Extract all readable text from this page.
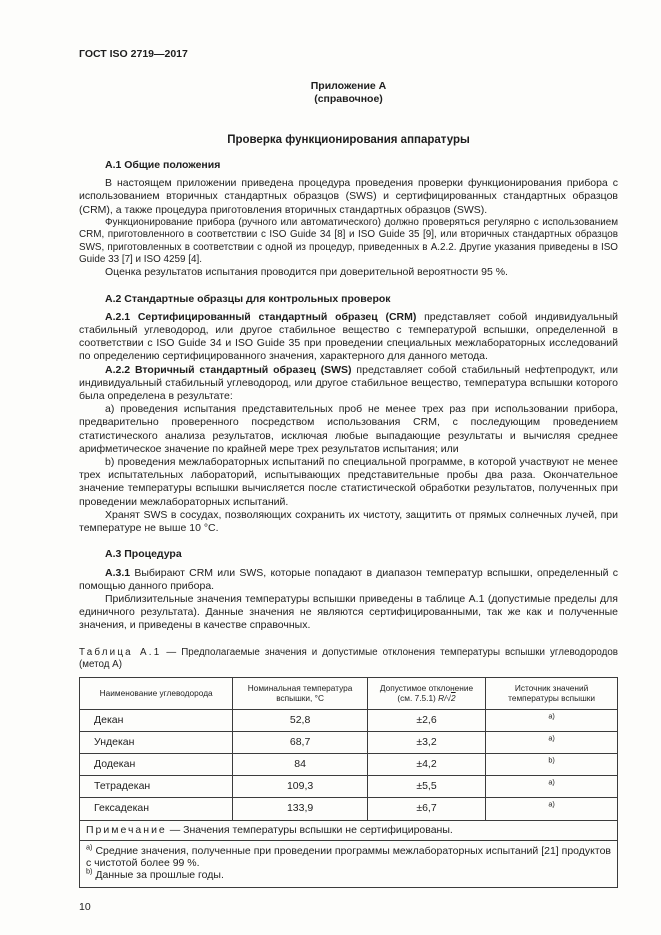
ГОСТ ISO 2719—2017
Приложение А
(справочное)
Проверка функционирования аппаратуры

А.1 Общие положения

В настоящем приложении приведена процедура проведения проверки функционирования прибора с использованием вторичных стандартных образцов (SWS) и сертифицированных стандартных образцов (CRM), а также процедура приготовления вторичных стандартных образцов (SWS).

Функционирование прибора (ручного или автоматического) должно проверяться регулярно с использованием CRM, приготовленного в соответствии с ISO Guide 34 [8] и ISO Guide 35 [9], или вторичных стандартных образцов SWS, приготовленных в соответствии с одной из процедур, приведенных в А.2.2. Другие указания приведены в ISO Guide 33 [7] и ISO 4259 [4].

Оценка результатов испытания проводится при доверительной вероятности 95 %.

А.2 Стандартные образцы для контрольных проверок

А.2.1 Сертифицированный стандартный образец (CRM) представляет собой индивидуальный стабильный углеводород, или другое стабильное вещество с температурой вспышки, определенной в соответствии с ISO Guide 34 и ISO Guide 35 при проведении специальных межлабораторных исследований по определению сертифицированного значения, характерного для данного метода.

А.2.2 Вторичный стандартный образец (SWS) представляет собой стабильный нефтепродукт, или индивидуальный стабильный углеводород, или другое стабильное вещество, температура вспышки которого была определена в результате:

a) проведения испытания представительных проб не менее трех раз при использовании прибора, предварительно проверенного посредством использования CRM, с последующим проведением статистического анализа результатов, исключая любые выпадающие результаты и вычисляя среднее арифметическое значение по крайней мере трех результатов испытания; или

b) проведения межлабораторных испытаний по специальной программе, в которой участвуют не менее трех испытательных лабораторий, испытывающих представительные пробы два раза. Окончательное значение температуры вспышки вычисляется после статистической обработки результатов, полученных при проведении межлабораторных испытаний.

Хранят SWS в сосудах, позволяющих сохранить их чистоту, защитить от прямых солнечных лучей, при температуре не выше 10 °С.

А.3 Процедура

А.3.1 Выбирают CRM или SWS, которые попадают в диапазон температур вспышки, определенный с помощью данного прибора.

Приблизительные значения температуры вспышки приведены в таблице А.1 (допустимые пределы для единичного результата). Данные значения не являются сертифицированными, так же как и полученные значения, и приведены в качестве справочных.

Таблица А.1 — Предполагаемые значения и допустимые отклонения температуры вспышки углеводородов (метод А)

Наименование углеводорода	Номинальная температура вспышки, °С	Допустимое отклонение (см. 7.5.1) R/√2	Источник значений температуры вспышки
Декан	52,8	±2,6	$^{а)}$
Ундекан	68,7	±3,2	$^{а)}$
Додекан	84	±4,2	$^{b)}$
Тетрадекан	109,3	±5,5	$^{а)}$
Гексадекан	133,9	±6,7	$^{а)}$
Примечание — Значения температуры вспышки не сертифицированы.			

$^{а)}$ Средние значения, полученные при проведении программы межлабораторных испытаний [21] продуктов с чистотой более 99 %.
$^{b)}$ Данные за прошлые годы.			
10
